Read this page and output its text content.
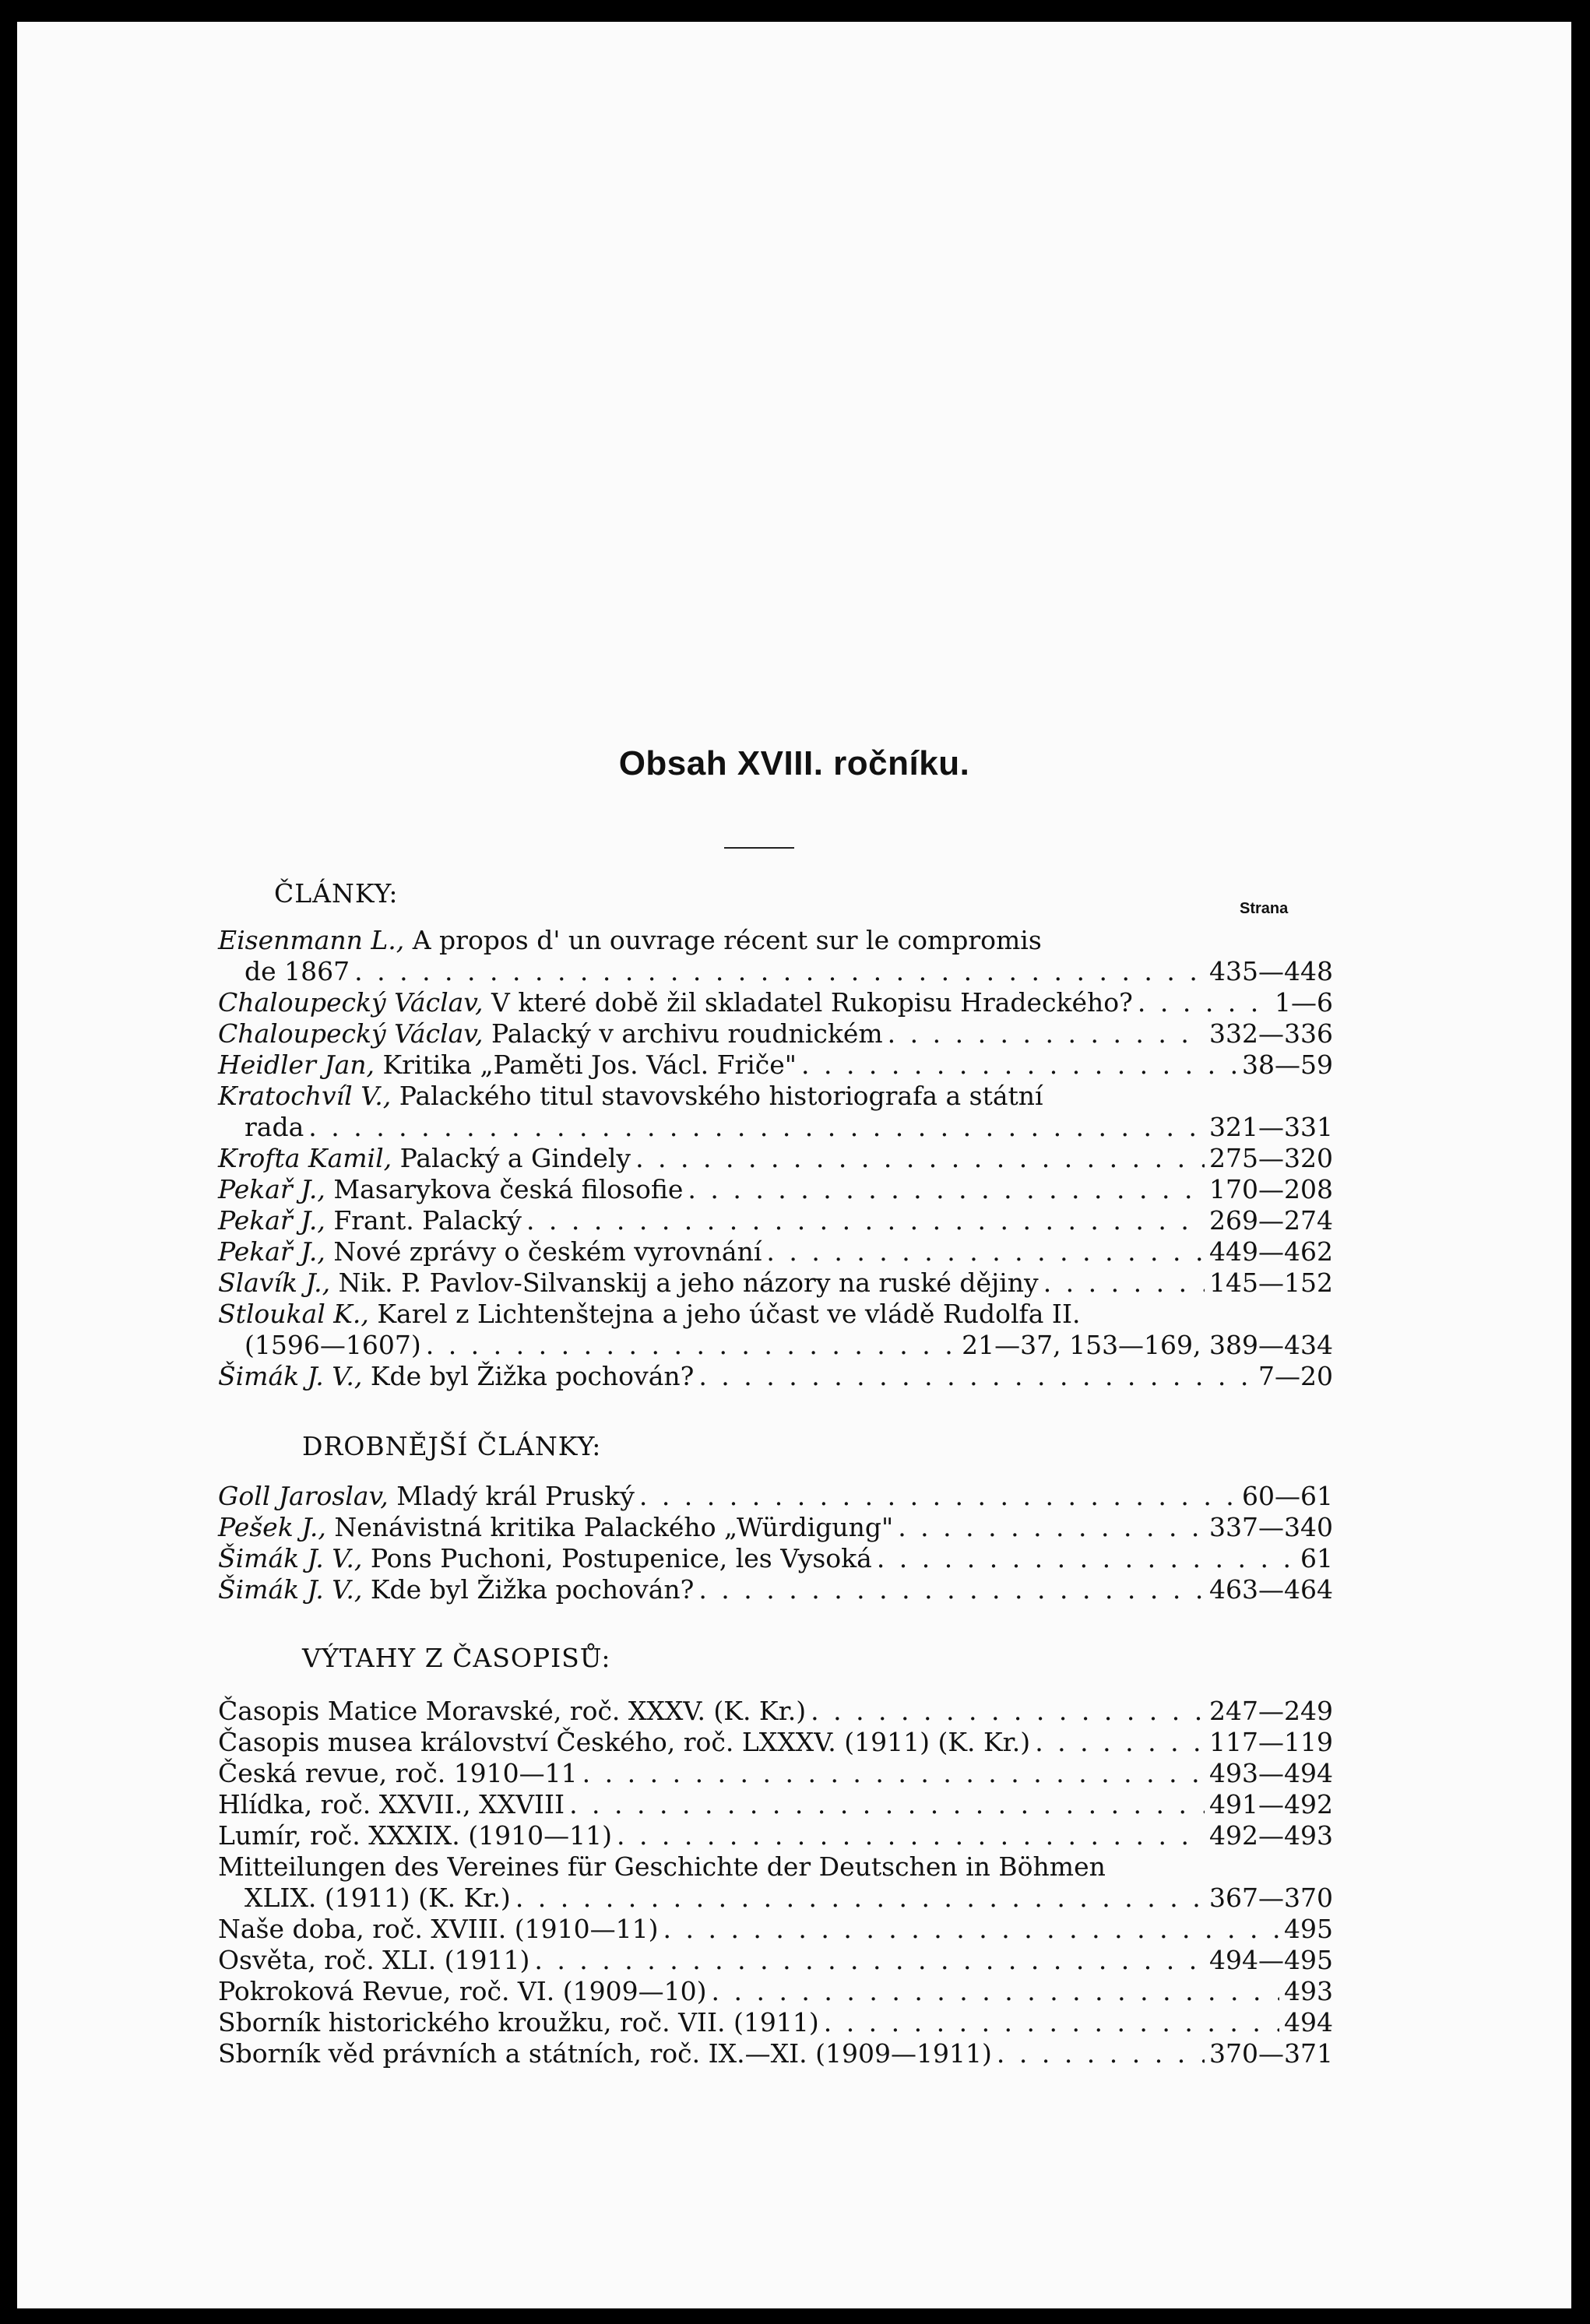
Obsah XVIII. ročníku.
ČLÁNKY:	Strana
Eisenmann L.,
A propos d' un ouvrage récent sur le compromis
de 1867 . . .	435—448
Chaloupecký Václav,
V které době žil skladatel Rukopisu Hradeckého? . . .	1—6
Chaloupecký Václav,
Palacký v archivu roudnickém . . .	332—336
Heidler Jan,
Kritika „Paměti Jos. Václ. Friče" . . .	38—59
Kratochvíl V.,
Palackého titul stavovského historiografa a státní
rada . . .	321—331
Krofta Kamil,
Palacký a Gindely . . .	275—320
Pekař J.,
Masarykova česká filosofie . . .	170—208
Pekař J.,
Frant. Palacký . . .	269—274
Pekař J.,
Nové zprávy o českém vyrovnání . . .	449—462
Slavík J.,
Nik. P. Pavlov-Silvanskij a jeho názory na ruské dějiny . . .	145—152
Stloukal K.,
Karel z Lichtenštejna a jeho účast ve vládě Rudolfa II.
(1596—1607) . . .	21—37, 153—169, 389—434
Šimák J. V.,
Kde byl Žižka pochován? . . .	7—20
DROBNĚJŠÍ ČLÁNKY:
Goll Jaroslav,
Mladý král Pruský . . .	60—61
Pešek J.,
Nenávistná kritika Palackého „Würdigung" . . .	337—340
Šimák J. V.,
Pons Puchoni, Postupenice, les Vysoká . . .	61
Šimák J. V.,
Kde byl Žižka pochován? . . .	463—464
VÝTAHY Z ČASOPISŮ:
Časopis Matice Moravské, roč. XXXV. (K. Kr.) . . .	247—249
Časopis musea království Českého, roč. LXXXV. (1911) (K. Kr.) . . .	117—119
Česká revue, roč. 1910—11 . . .	493—494
Hlídka, roč. XXVII., XXVIII . . .	491—492
Lumír, roč. XXXIX. (1910—11) . . .	492—493
Mitteilungen des Vereines für Geschichte der Deutschen in Böhmen
XLIX. (1911) (K. Kr.) . . .	367—370
Naše doba, roč. XVIII. (1910—11) . . .	495
Osvěta, roč. XLI. (1911) . . .	494—495
Pokroková Revue, roč. VI. (1909—10) . . .	493
Sborník historického kroužku, roč. VII. (1911) . . .	494
Sborník věd právních a státních, roč. IX.—XI. (1909—1911) . . .	370—371
